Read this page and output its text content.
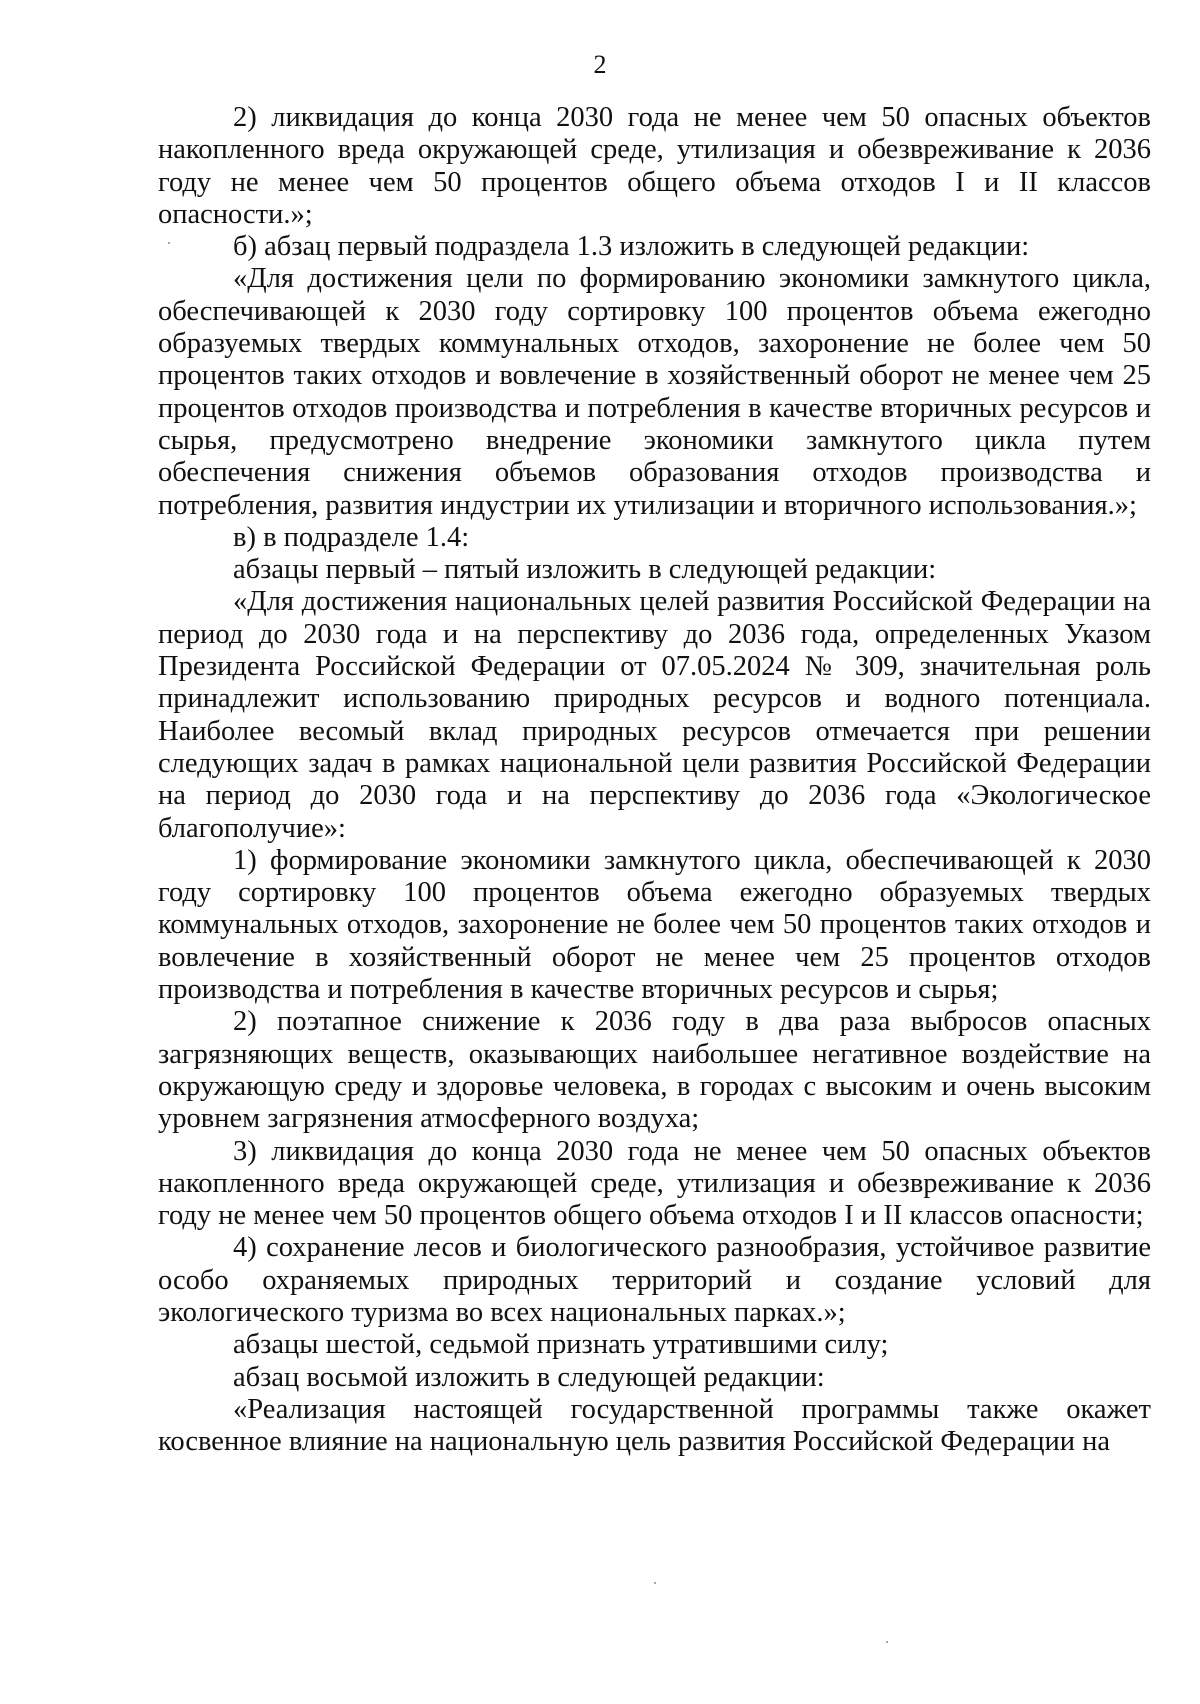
2

2) ликвидация до конца 2030 года не менее чем 50 опасных объектов накопленного вреда окружающей среде, утилизация и обезвреживание к 2036 году не менее чем 50 процентов общего объема отходов I и II классов опасности.»;

б) абзац первый подраздела 1.3 изложить в следующей редакции:

«Для достижения цели по формированию экономики замкнутого цикла, обеспечивающей к 2030 году сортировку 100 процентов объема ежегодно образуемых твердых коммунальных отходов, захоронение не более чем 50 процентов таких отходов и вовлечение в хозяйственный оборот не менее чем 25 процентов отходов производства и потребления в качестве вторичных ресурсов и сырья, предусмотрено внедрение экономики замкнутого цикла путем обеспечения снижения объемов образования отходов производства и потребления, развития индустрии их утилизации и вторичного использования.»;

в) в подразделе 1.4:

абзацы первый – пятый изложить в следующей редакции:

«Для достижения национальных целей развития Российской Федерации на период до 2030 года и на перспективу до 2036 года, определенных Указом Президента Российской Федерации от 07.05.2024 № 309, значительная роль принадлежит использованию природных ресурсов и водного потенциала. Наиболее весомый вклад природных ресурсов отмечается при решении следующих задач в рамках национальной цели развития Российской Федерации на период до 2030 года и на перспективу до 2036 года «Экологическое благополучие»:

1) формирование экономики замкнутого цикла, обеспечивающей к 2030 году сортировку 100 процентов объема ежегодно образуемых твердых коммунальных отходов, захоронение не более чем 50 процентов таких отходов и вовлечение в хозяйственный оборот не менее чем 25 процентов отходов производства и потребления в качестве вторичных ресурсов и сырья;

2) поэтапное снижение к 2036 году в два раза выбросов опасных загрязняющих веществ, оказывающих наибольшее негативное воздействие на окружающую среду и здоровье человека, в городах с высоким и очень высоким уровнем загрязнения атмосферного воздуха;

3) ликвидация до конца 2030 года не менее чем 50 опасных объектов накопленного вреда окружающей среде, утилизация и обезвреживание к 2036 году не менее чем 50 процентов общего объема отходов I и II классов опасности;

4) сохранение лесов и биологического разнообразия, устойчивое развитие особо охраняемых природных территорий и создание условий для экологического туризма во всех национальных парках.»;

абзацы шестой, седьмой признать утратившими силу;

абзац восьмой изложить в следующей редакции:

«Реализация настоящей государственной программы также окажет косвенное влияние на национальную цель развития Российской Федерации на
